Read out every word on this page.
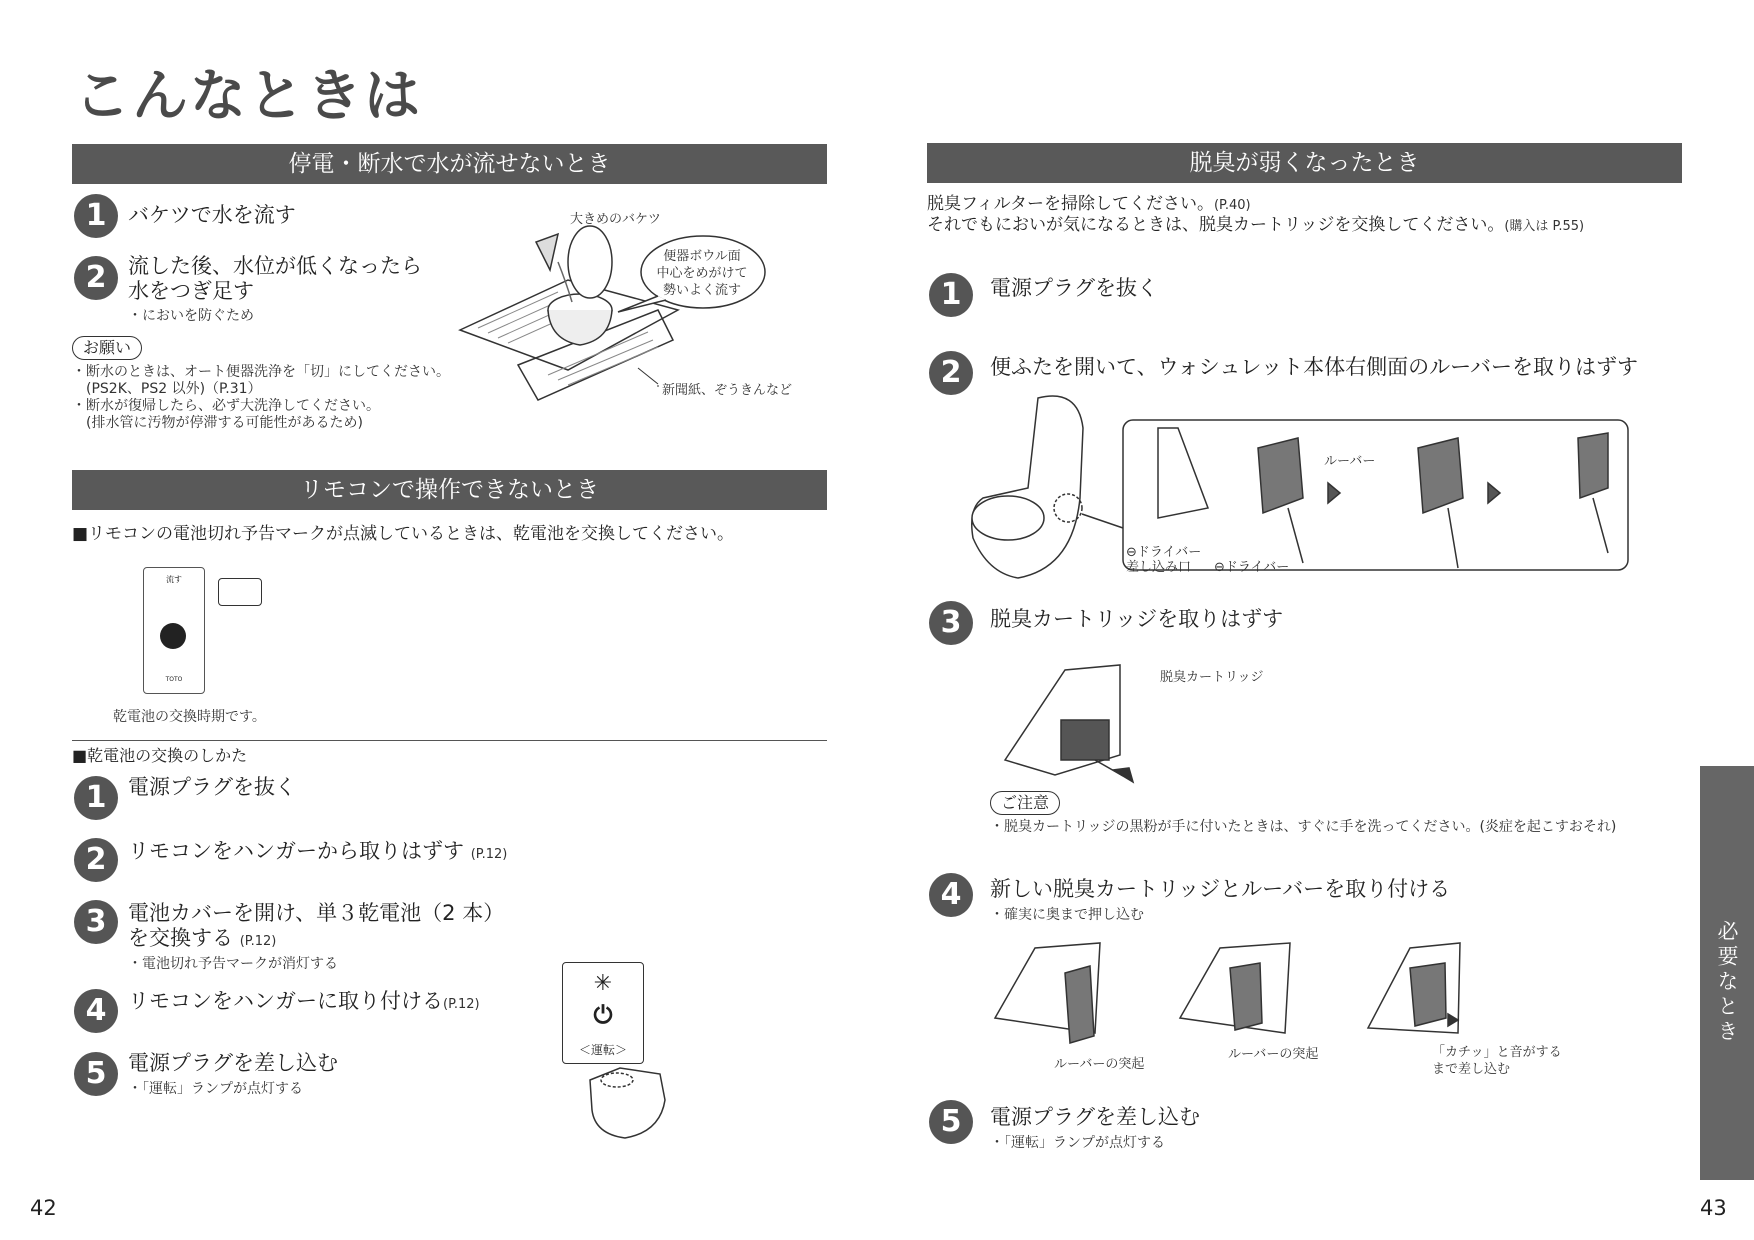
こんなときは
停電・断水で水が流せないとき
1	バケツで水を流す
2	流した後、水位が低くなったら
水をつぎ足す
・においを防ぐため
お願い
・断水のときは、オート便器洗浄を「切」にしてください。
　(PS2K、PS2 以外)（P.31）
・断水が復帰したら、必ず大洗浄してください。
　(排水管に汚物が停滞する可能性があるため)
大きめのバケツ
便器ボウル面
中心をめがけて
勢いよく流す
新聞紙、ぞうきんなど
リモコンで操作できないとき
■リモコンの電池切れ予告マークが点滅しているときは、乾電池を交換してください。
流す
TOTO
乾電池の交換時期です。
■乾電池の交換のしかた
1	電源プラグを抜く
2	リモコンをハンガーから取りはずす (P.12)
3	電池カバーを開け、単３乾電池（2 本）
を交換する (P.12)
・電池切れ予告マークが消灯する
4	リモコンをハンガーに取り付ける(P.12)
5	電源プラグを差し込む
・「運転」ランプが点灯する
✳
⏻
＜運転＞
42
脱臭が弱くなったとき
脱臭フィルターを掃除してください。(P.40)
それでもにおいが気になるときは、脱臭カートリッジを交換してください。(購入は P.55)
1	電源プラグを抜く
2	便ふたを開いて、ウォシュレット本体右側面のルーバーを取りはずす
ルーバー
⊖ドライバー
差し込み口 ⊖ドライバー
3	脱臭カートリッジを取りはずす
脱臭カートリッジ
ご注意
・脱臭カートリッジの黒粉が手に付いたときは、すぐに手を洗ってください。(炎症を起こすおそれ)
4	新しい脱臭カートリッジとルーバーを取り付ける
・確実に奥まで押し込む
ルーバーの突起
ルーバーの突起	「カチッ」と音がする
まで差し込む
5	電源プラグを差し込む
・「運転」ランプが点灯する
必要なとき
43
